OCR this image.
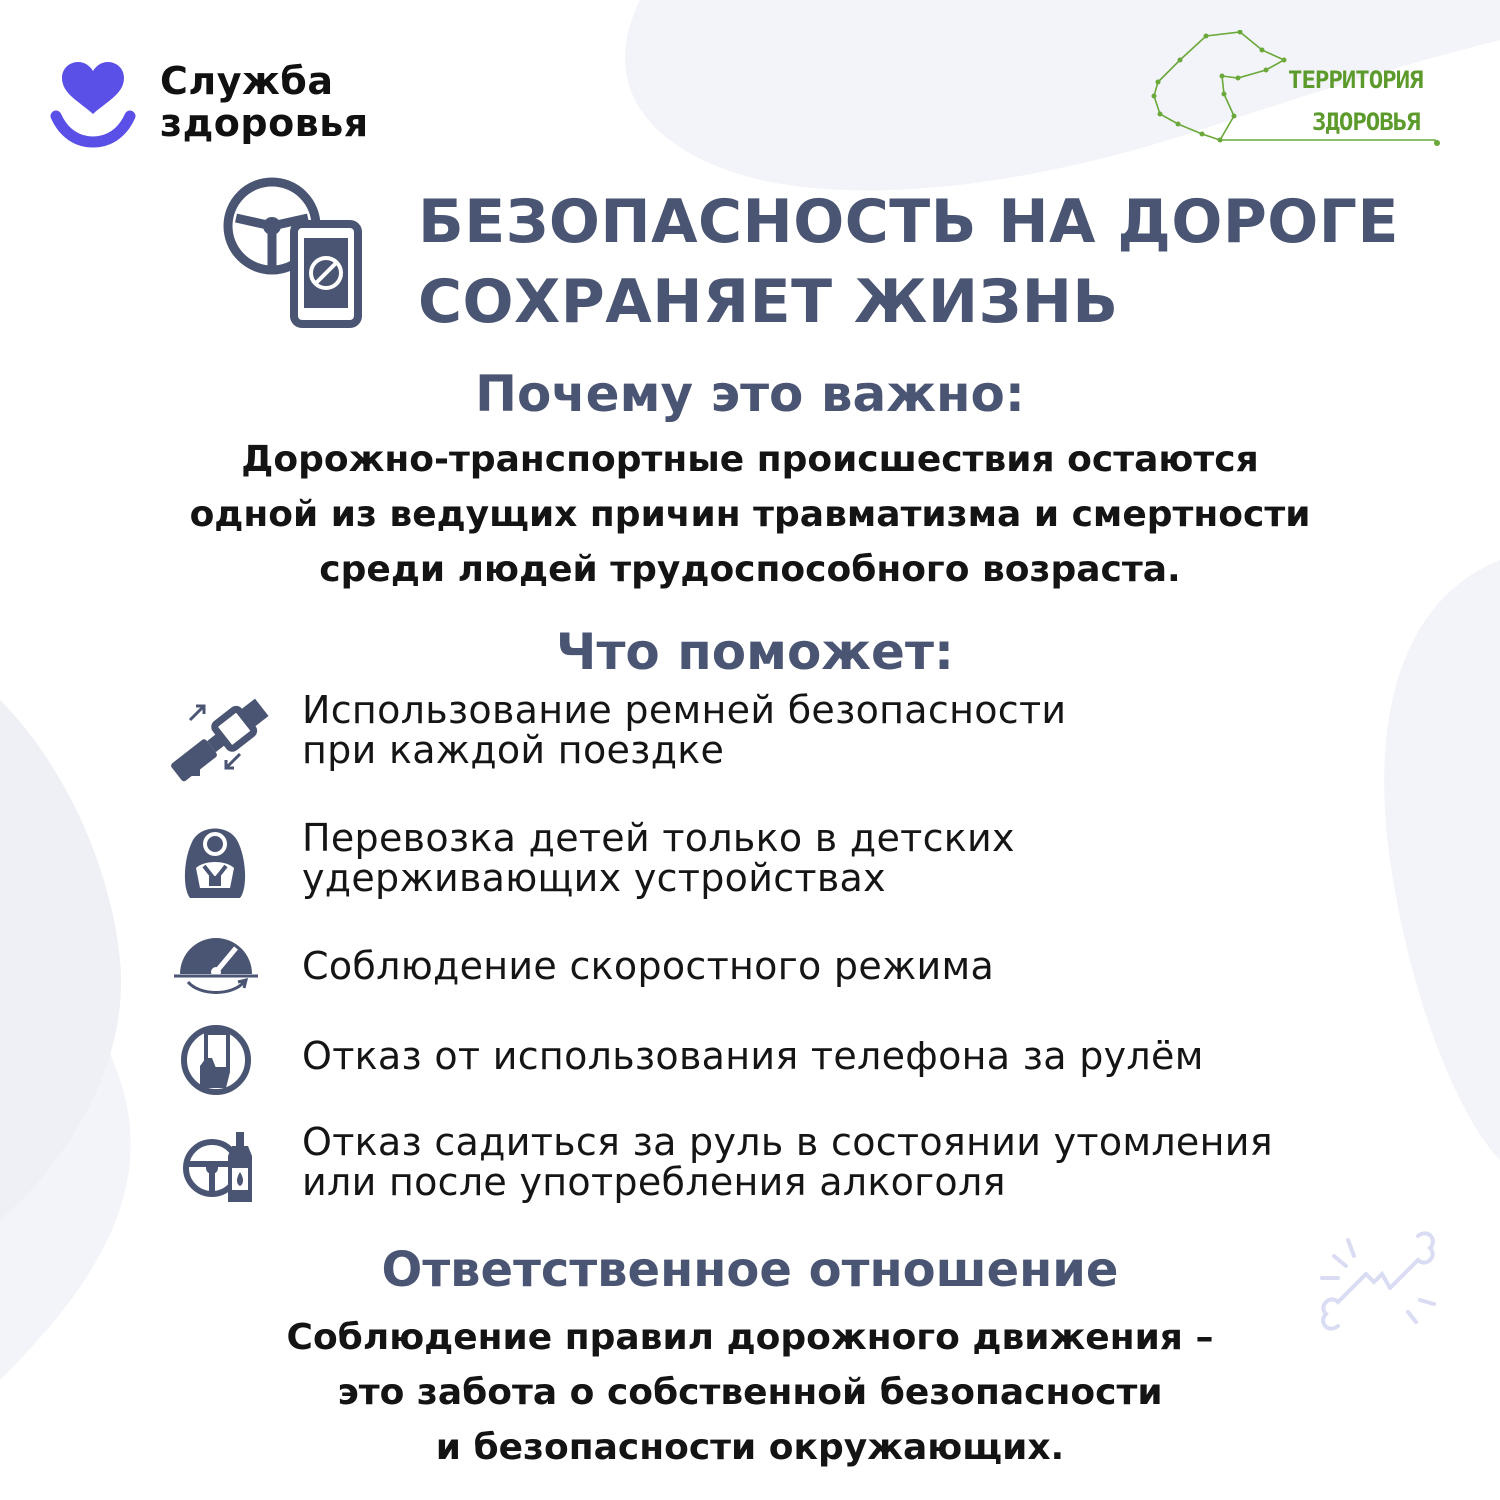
Служба
здоровья
ТЕРРИТОРИЯ
ЗДОРОВЬЯ
БЕЗОПАСНОСТЬ НА ДОРОГЕ
СОХРАНЯЕТ ЖИЗНЬ
Почему это важно:
Дорожно-транспортные происшествия остаются
одной из ведущих причин травматизма и смертности
среди людей трудоспособного возраста.
Что поможет:
Использование ремней безопасности
при каждой поездке
Перевозка детей только в детских
удерживающих устройствах
Соблюдение скоростного режима
Отказ от использования телефона за рулём
Отказ садиться за руль в состоянии утомления
или после употребления алкоголя
Ответственное отношение
Соблюдение правил дорожного движения –
это забота о собственной безопасности
и безопасности окружающих.
